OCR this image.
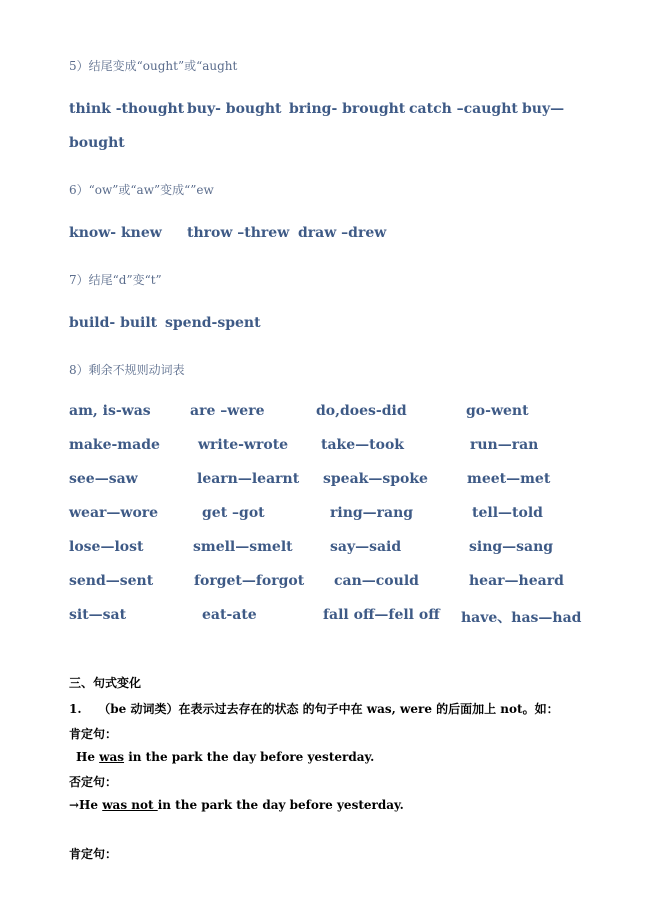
5）结尾变成“ought”或“aught
think -thought buy- bought bring- brought catch –caught buy—
bought
6）“ow”或“aw”变成“”ew
know- knew throw –threw draw –drew
7）结尾“d”变“t”
build- built spend-spent
8）剩余不规则动词表
am, is-was	are –were	do,does-did	go-went
make-made	write-wrote take—took	run—ran
see—saw	learn—learnt speak—spoke	meet—met
wear—wore	get –got	ring—rang	tell—told
lose—lost	smell—smelt	say—said	sing—sang
send—sent	forget—forgot can—could	hear—heard
sit—sat	eat-ate	fall off—fell off have、has—had
三、句式变化
1. （be 动词类）在表示过去存在的状态 的句子中在 was, were 的后面加上 not。如：
肯定句：
He was in the park the day before yesterday.
否定句：
→He was not in the park the day before yesterday.
肯定句：
